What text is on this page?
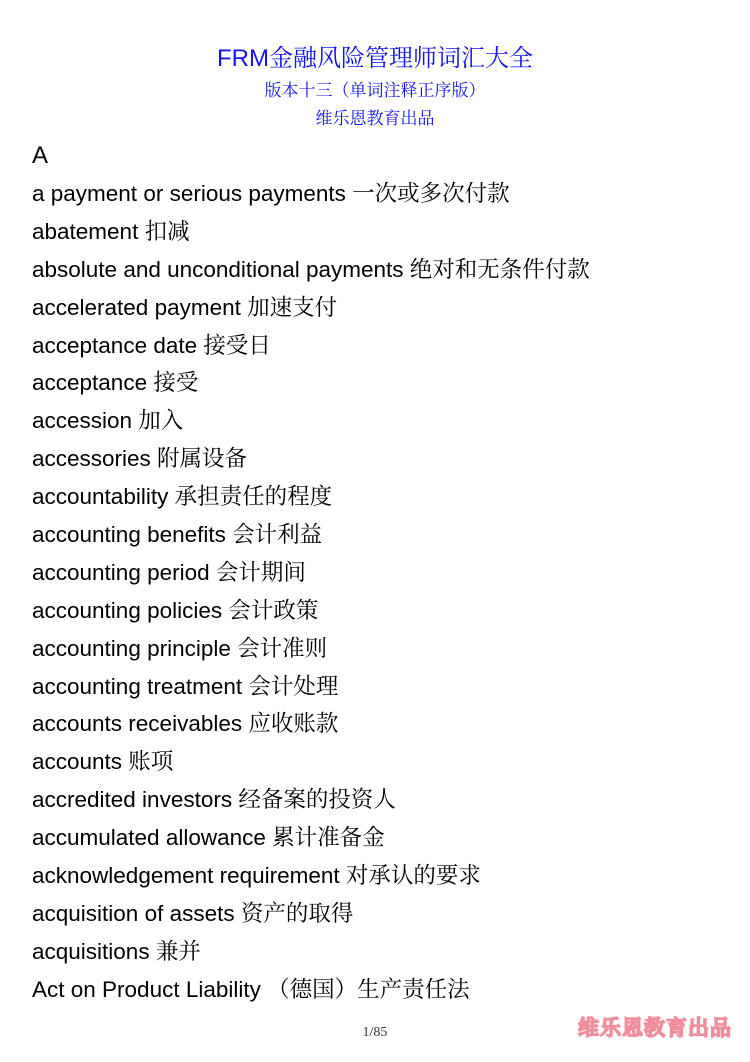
FRM金融风险管理师词汇大全
版本十三（单词注释正序版）
维乐恩教育出品
A
a payment or serious payments 一次或多次付款
abatement 扣减
absolute and unconditional payments 绝对和无条件付款
accelerated payment 加速支付
acceptance date 接受日
acceptance 接受
accession 加入
accessories 附属设备
accountability 承担责任的程度
accounting benefits 会计利益
accounting period 会计期间
accounting policies 会计政策
accounting principle 会计准则
accounting treatment 会计处理
accounts receivables 应收账款
accounts 账项
accredited investors 经备案的投资人
accumulated allowance 累计准备金
acknowledgement requirement 对承认的要求
acquisition of assets 资产的取得
acquisitions 兼并
Act on Product Liability （德国）生产责任法
1/85	维乐恩教育出品
